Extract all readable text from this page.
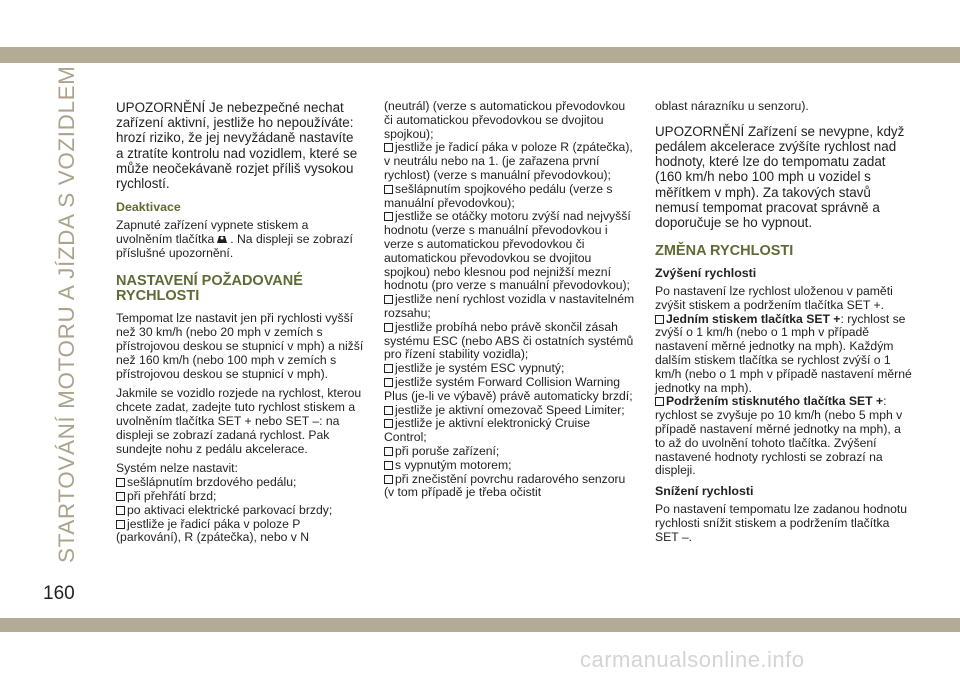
STARTOVÁNÍ MOTORU A JÍZDA S VOZIDLEM
160

UPOZORNĚNÍ Je nebezpečné nechat zařízení aktivní, jestliže ho nepoužíváte: hrozí riziko, že jej nevyžádaně nastavíte a ztratíte kontrolu nad vozidlem, které se může neočekávaně rozjet příliš vysokou rychlostí.

Deaktivace

Zapnuté zařízení vypnete stiskem a uvolněním tlačítka . Na displeji se zobrazí příslušné upozornění.

NASTAVENÍ POŽADOVANÉ RYCHLOSTI

Tempomat lze nastavit jen při rychlosti vyšší než 30 km/h (nebo 20 mph v zemích s přístrojovou deskou se stupnicí v mph) a nižší než 160 km/h (nebo 100 mph v zemích s přístrojovou deskou se stupnicí v mph).

Jakmile se vozidlo rozjede na rychlost, kterou chcete zadat, zadejte tuto rychlost stiskem a uvolněním tlačítka SET + nebo SET –: na displeji se zobrazí zadaná rychlost. Pak sundejte nohu z pedálu akcelerace.

Systém nelze nastavit:

sešlápnutím brzdového pedálu;
při přehřátí brzd;
po aktivaci elektrické parkovací brzdy;
jestliže je řadicí páka v poloze P (parkování), R (zpátečka), nebo v N
(neutrál) (verze s automatickou převodovkou či automatickou převodovkou se dvojitou spojkou);
jestliže je řadicí páka v poloze R (zpátečka), v neutrálu nebo na 1. (je zařazena první rychlost) (verze s manuální převodovkou);
sešlápnutím spojkového pedálu (verze s manuální převodovkou);
jestliže se otáčky motoru zvýší nad nejvyšší hodnotu (verze s manuální převodovkou i verze s automatickou převodovkou či automatickou převodovkou se dvojitou spojkou) nebo klesnou pod nejnižší mezní hodnotu (pro verze s manuální převodovkou);
jestliže není rychlost vozidla v nastavitelném rozsahu;
jestliže probíhá nebo právě skončil zásah systému ESC (nebo ABS či ostatních systémů pro řízení stability vozidla);
jestliže je systém ESC vypnutý;
jestliže systém Forward Collision Warning Plus (je-li ve výbavě) právě automaticky brzdí;
jestliže je aktivní omezovač Speed Limiter;
jestliže je aktivní elektronický Cruise Control;
při poruše zařízení;
s vypnutým motorem;
při znečistění povrchu radarového senzoru (v tom případě je třeba očistit

oblast nárazníku u senzoru).

UPOZORNĚNÍ Zařízení se nevypne, když pedálem akcelerace zvýšíte rychlost nad hodnoty, které lze do tempomatu zadat (160 km/h nebo 100 mph u vozidel s měřítkem v mph). Za takových stavů nemusí tempomat pracovat správně a doporučuje se ho vypnout.

ZMĚNA RYCHLOSTI
Zvýšení rychlosti
Po nastavení lze rychlost uloženou v paměti zvýšit stiskem a podržením tlačítka SET +.
Jedním stiskem tlačítka SET +: rychlost se zvýší o 1 km/h (nebo o 1 mph v případě nastavení měrné jednotky na mph). Každým dalším stiskem tlačítka se rychlost zvýší o 1 km/h (nebo o 1 mph v případě nastavení měrné jednotky na mph).
Podržením stisknutého tlačítka SET +: rychlost se zvyšuje po 10 km/h (nebo 5 mph v případě nastavení měrné jednotky na mph), a to až do uvolnění tohoto tlačítka. Zvýšení nastavené hodnoty rychlosti se zobrazí na displeji.
Snížení rychlosti
Po nastavení tempomatu lze zadanou hodnotu rychlosti snížit stiskem a podržením tlačítka SET –.
carmanualsonline.info
